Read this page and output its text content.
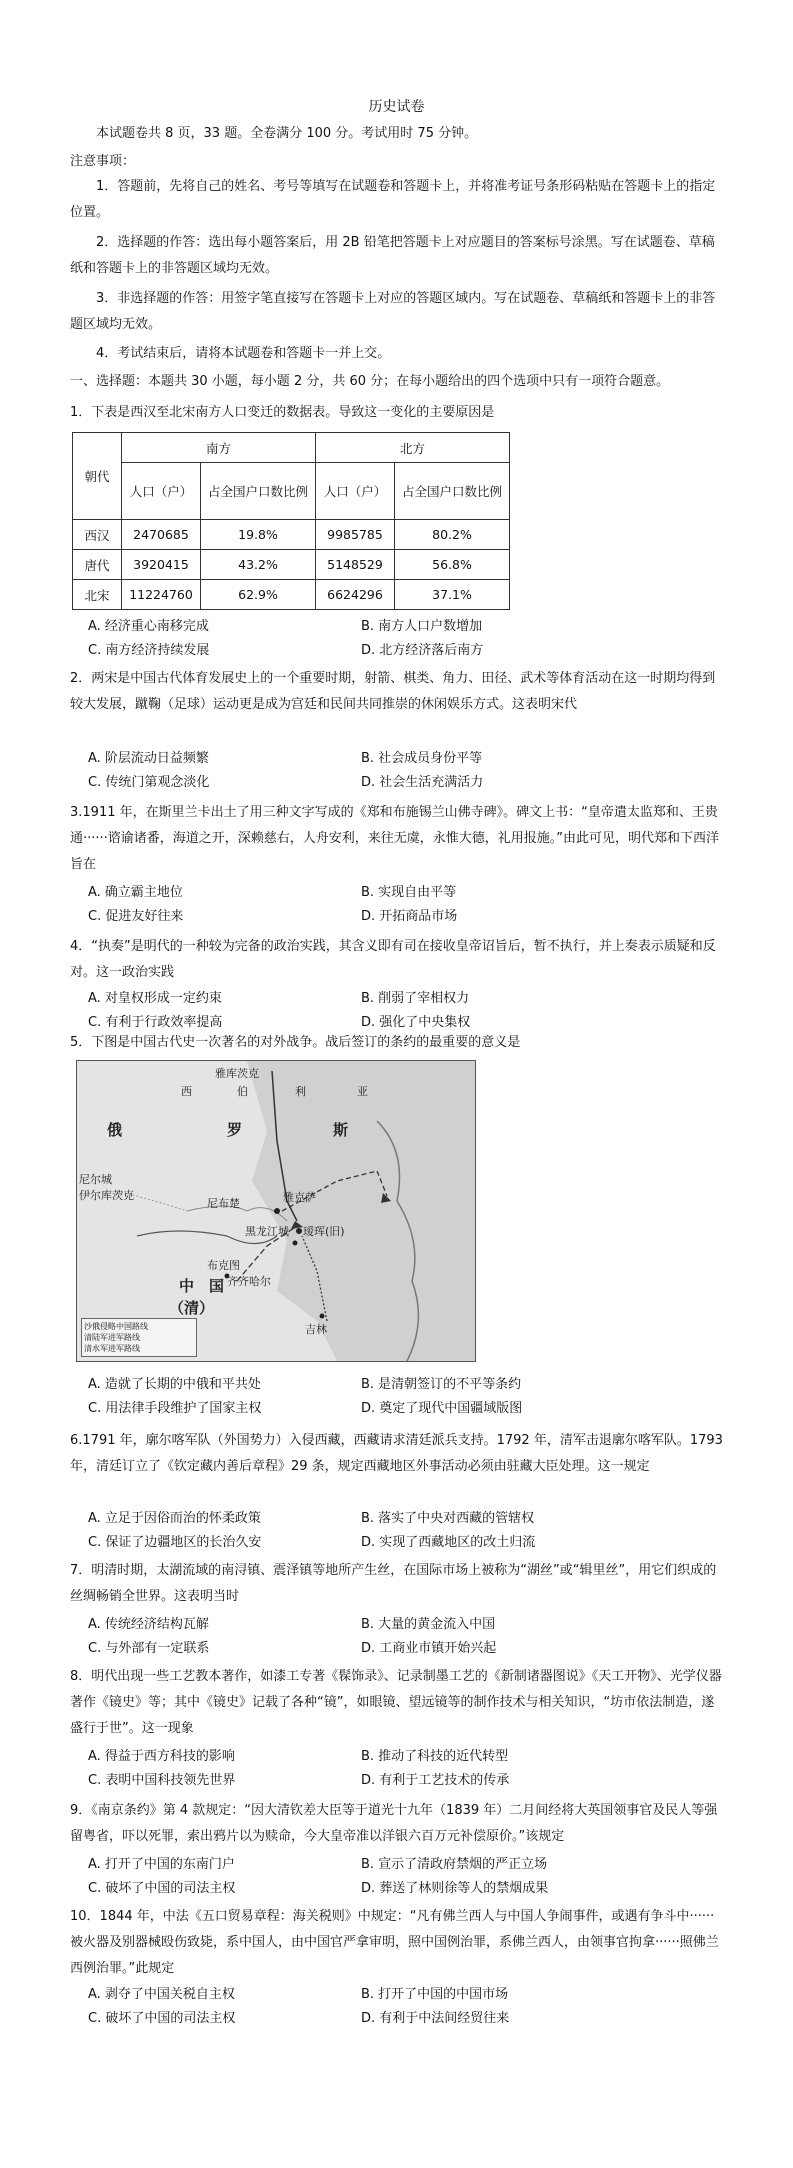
历史试卷
本试题卷共 8 页，33 题。全卷满分 100 分。考试用时 75 分钟。
注意事项：
1．答题前，先将自己的姓名、考号等填写在试题卷和答题卡上，并将准考证号条形码粘贴在答题卡上的指定位置。
2．选择题的作答：选出每小题答案后，用 2B 铅笔把答题卡上对应题目的答案标号涂黑。写在试题卷、草稿纸和答题卡上的非答题区域均无效。
3．非选择题的作答：用签字笔直接写在答题卡上对应的答题区域内。写在试题卷、草稿纸和答题卡上的非答题区域均无效。
4．考试结束后，请将本试题卷和答题卡一并上交。
一、选择题：本题共 30 小题，每小题 2 分，共 60 分；在每小题给出的四个选项中只有一项符合题意。
1．下表是西汉至北宋南方人口变迁的数据表。导致这一变化的主要原因是
朝代	南方		北方	
	人口（户）	占全国户口数比例	人口（户）	占全国户口数比例
西汉	2470685	19.8%	9985785	80.2%
唐代	3920415	43.2%	5148529	56.8%
北宋	11224760	62.9%	6624296	37.1%
A. 经济重心南移完成	B. 南方人口户数增加
C. 南方经济持续发展	D. 北方经济落后南方
2．两宋是中国古代体育发展史上的一个重要时期，射箭、棋类、角力、田径、武术等体育活动在这一时期均得到较大发展，蹴鞠（足球）运动更是成为宫廷和民间共同推崇的休闲娱乐方式。这表明宋代
A. 阶层流动日益频繁	B. 社会成员身份平等
C. 传统门第观念淡化	D. 社会生活充满活力
3.1911 年，在斯里兰卡出土了用三种文字写成的《郑和布施锡兰山佛寺碑》。碑文上书：“皇帝遣太监郑和、王贵通······谘谕诸番，海道之开，深赖慈右，人舟安利，来往无虞，永惟大德，礼用报施。”由此可见，明代郑和下西洋旨在
A. 确立霸主地位	B. 实现自由平等
C. 促进友好往来	D. 开拓商品市场
4．“执奏”是明代的一种较为完备的政治实践，其含义即有司在接收皇帝诏旨后，暂不执行，并上奏表示质疑和反对。这一政治实践
A. 对皇权形成一定约束	B. 削弱了宰相权力
C. 有利于行政效率提高	D. 强化了中央集权
5．下图是中国古代史一次著名的对外战争。战后签订的条约的最重要的意义是
雅库茨克
西	伯	利	亚
俄	罗	斯
尼尔城
伊尔库茨克
尼布楚	雅克萨
瑷珲(旧)
黑龙江城
布克图
齐齐哈尔
中　国
（清）
吉林
沙俄侵略中国路线
清陆军进军路线
清水军进军路线
A. 造就了长期的中俄和平共处	B. 是清朝签订的不平等条约
C. 用法律手段维护了国家主权	D. 奠定了现代中国疆域版图
6.1791 年，廓尔喀军队（外国势力）入侵西藏，西藏请求清廷派兵支持。1792 年，清军击退廓尔喀军队。1793 年，清廷订立了《钦定藏内善后章程》29 条，规定西藏地区外事活动必须由驻藏大臣处理。这一规定
A. 立足于因俗而治的怀柔政策	B. 落实了中央对西藏的管辖权
C. 保证了边疆地区的长治久安	D. 实现了西藏地区的改土归流
7．明清时期，太湖流域的南浔镇、震泽镇等地所产生丝，在国际市场上被称为“湖丝”或“辑里丝”，用它们织成的丝绸畅销全世界。这表明当时
A. 传统经济结构瓦解	B. 大量的黄金流入中国
C. 与外部有一定联系	D. 工商业市镇开始兴起
8．明代出现一些工艺教本著作，如漆工专著《髹饰录》、记录制墨工艺的《新制诸器图说》《天工开物》、光学仪器著作《镜史》等；其中《镜史》记载了各种“镜”，如眼镜、望远镜等的制作技术与相关知识，“坊市依法制造，遂盛行于世”。这一现象
A. 得益于西方科技的影响	B. 推动了科技的近代转型
C. 表明中国科技领先世界	D. 有利于工艺技术的传承
9．《南京条约》第 4 款规定：“因大清钦差大臣等于道光十九年（1839 年）二月间经将大英国领事官及民人等强留粤省，吓以死罪，索出鸦片以为赎命，今大皇帝准以洋银六百万元补偿原价。”该规定
A. 打开了中国的东南门户	B. 宣示了清政府禁烟的严正立场
C. 破坏了中国的司法主权	D. 葬送了林则徐等人的禁烟成果
10．1844 年，中法《五口贸易章程：海关税则》中规定：“凡有佛兰西人与中国人争闹事件，或遇有争斗中······被火器及别器械殴伤致毙，系中国人，由中国官严拿审明，照中国例治罪，系佛兰西人，由领事官拘拿······照佛兰西例治罪。”此规定
A. 剥夺了中国关税自主权	B. 打开了中国的中国市场
C. 破坏了中国的司法主权	D. 有利于中法间经贸往来
